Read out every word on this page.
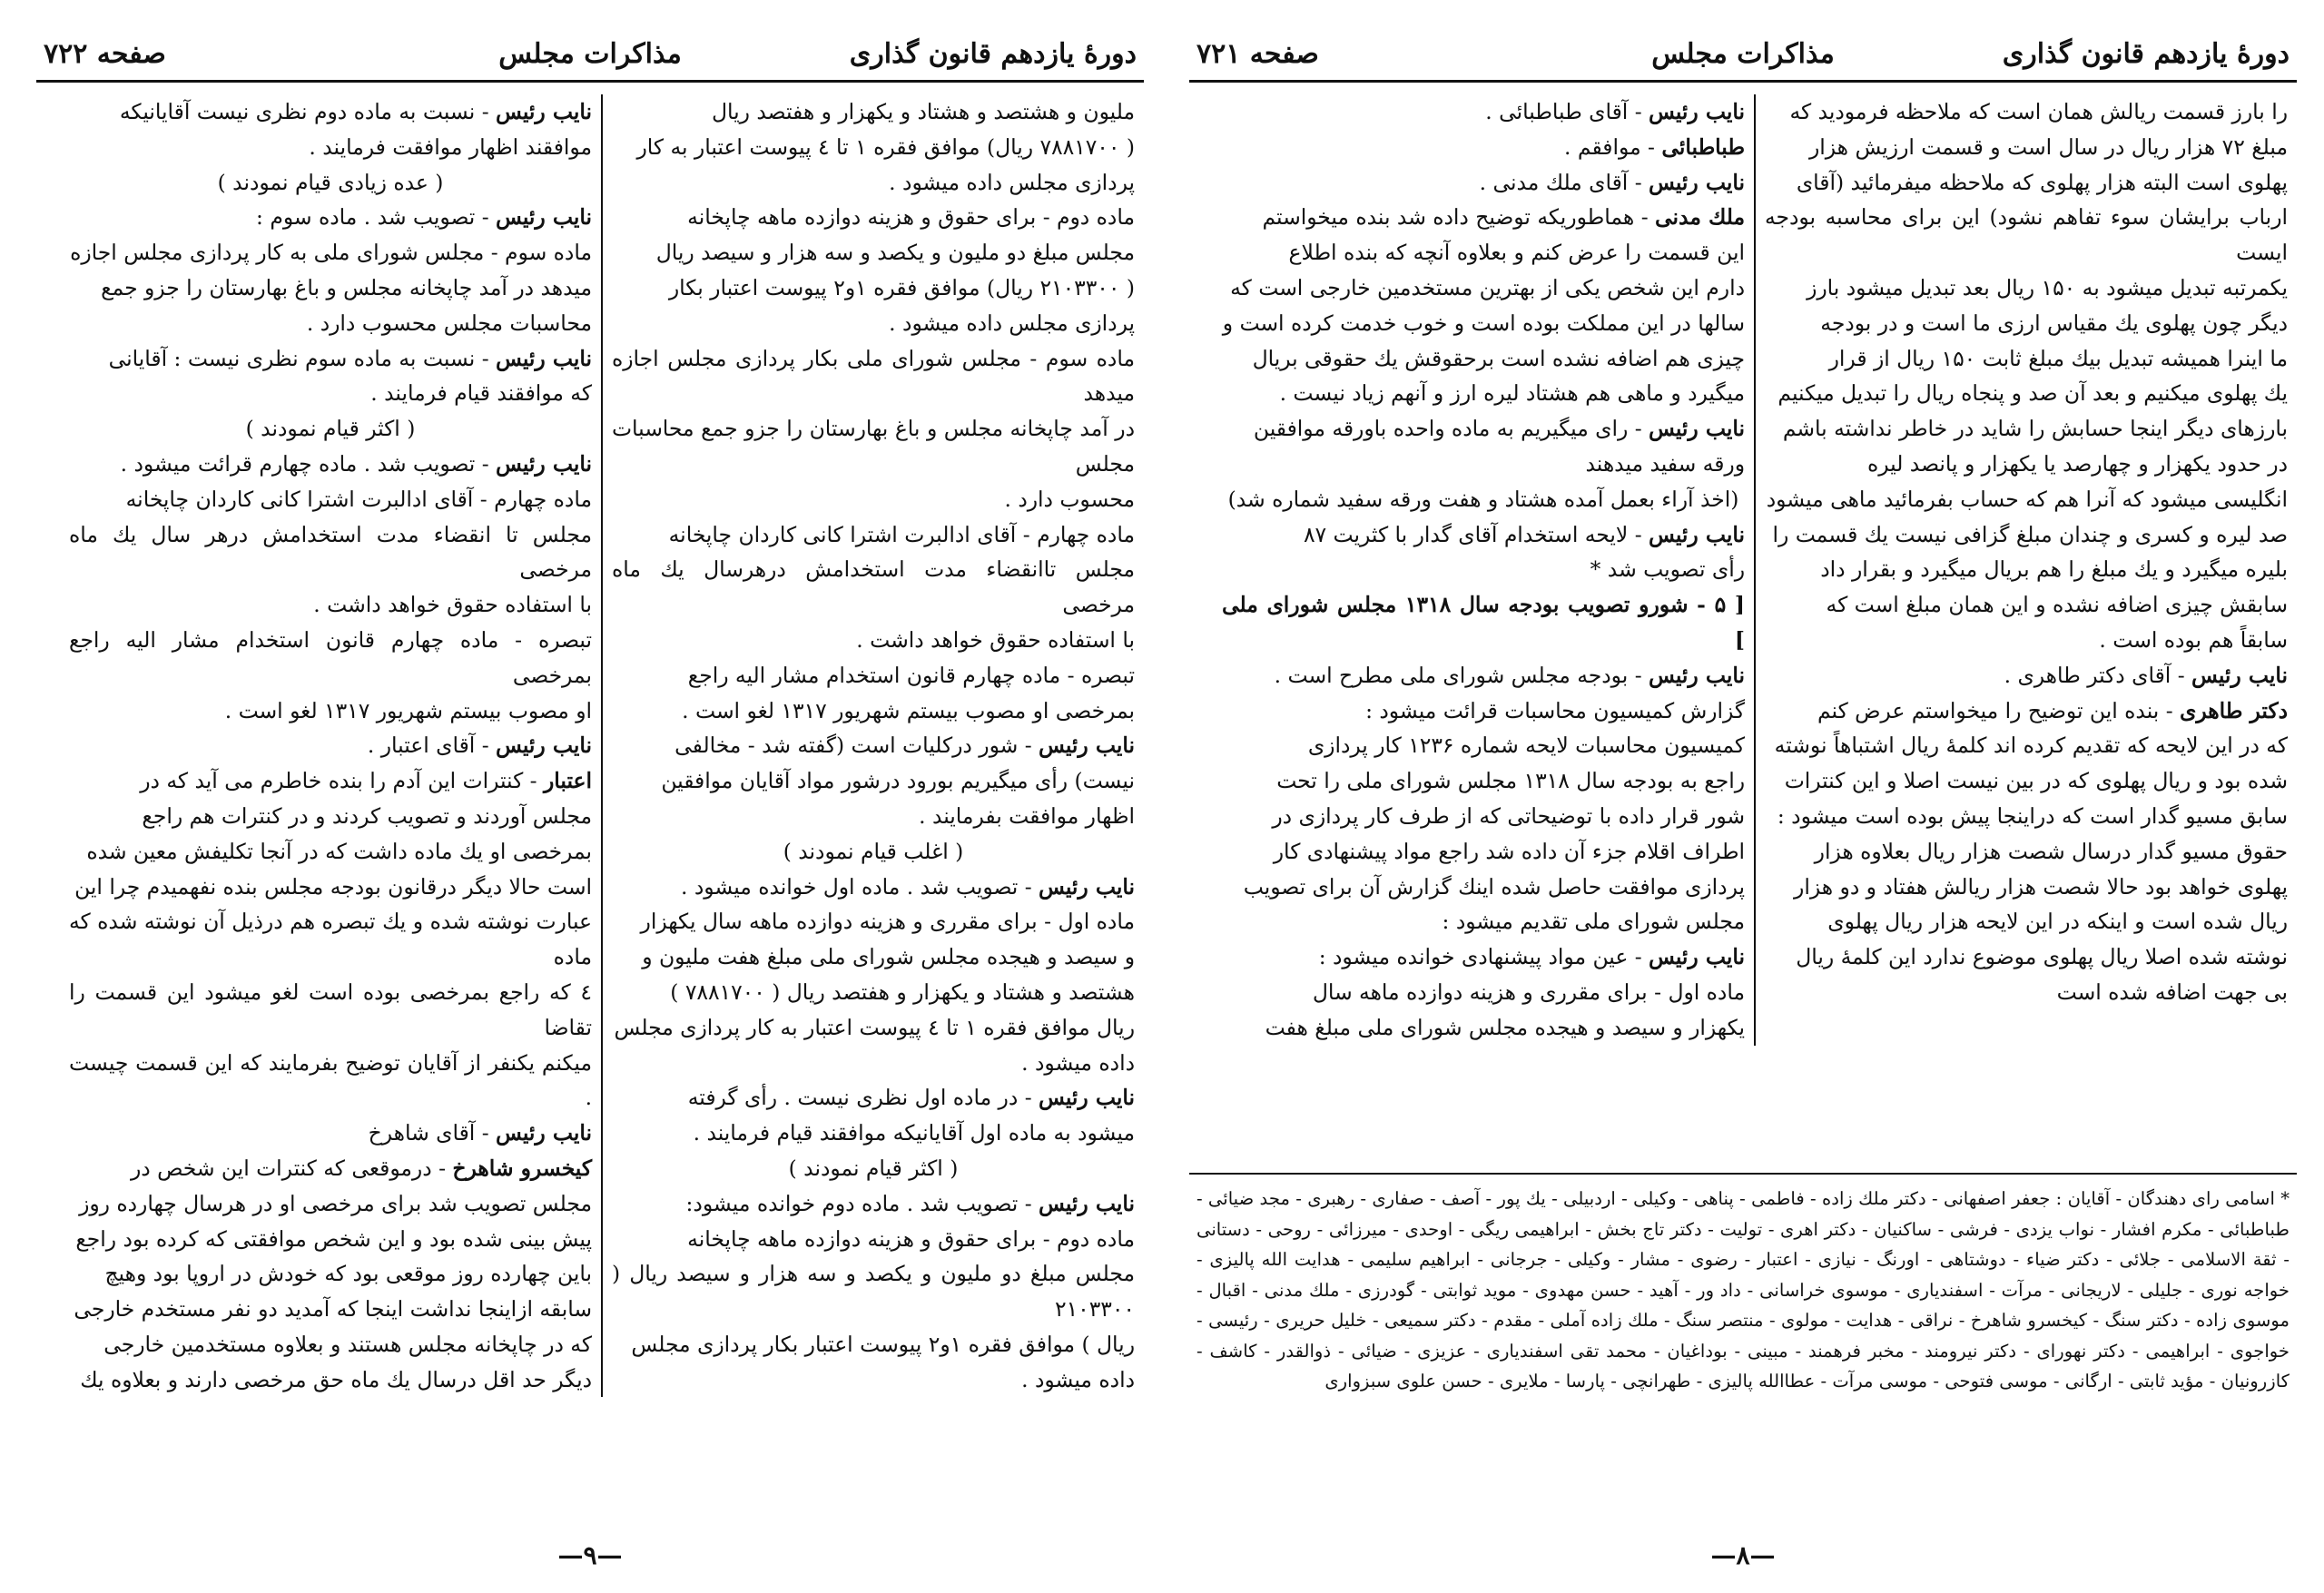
دورهٔ یازدهم قانون گذاری
مذاکرات مجلس
صفحه ۷۲۲

ملیون و هشتصد و هشتاد و یکهزار و هفتصد ریال

( ۷۸۸۱۷۰۰ ریال) موافق فقره ۱ تا ٤ پیوست اعتبار به کار

پردازی مجلس داده میشود .

ماده دوم - برای حقوق و هزینه دوازده ماهه چاپخانه

مجلس مبلغ دو ملیون و یکصد و سه هزار و سیصد ریال

( ۲۱۰۳۳۰۰ ریال) موافق فقره ۱و۲ پیوست اعتبار بکار

پردازی مجلس داده میشود .

ماده سوم - مجلس شورای ملی بکار پردازی مجلس اجازه میدهد

در آمد چاپخانه مجلس و باغ بهارستان را جزو جمع محاسبات مجلس

محسوب دارد .

ماده چهارم - آقای ادالبرت اشترا کانی کاردان چاپخانه

مجلس تاانقضاء مدت استخدامش درهرسال یك ماه مرخصی

با استفاده حقوق خواهد داشت .

تبصره - ماده چهارم قانون استخدام مشار الیه راجع

بمرخصی او مصوب بیستم شهریور ۱۳۱۷ لغو است .

نایب رئیس - شور درکلیات است (گفته شد - مخالفی

نیست) رأی میگیریم بورود درشور مواد آقایان موافقین

اظهار موافقت بفرمایند .

( اغلب قیام نمودند )

نایب رئیس - تصویب شد . ماده اول خوانده میشود .

ماده اول - برای مقرری و هزینه دوازده ماهه سال یکهزار

و سیصد و هیجده مجلس شورای ملی مبلغ هفت ملیون و

هشتصد و هشتاد و یکهزار و هفتصد ریال ( ۷۸۸۱۷۰۰ )

ریال موافق فقره ۱ تا ٤ پیوست اعتبار به کار پردازی مجلس

داده میشود .

نایب رئیس - در ماده اول نظری نیست . رأی گرفته

میشود به ماده اول آقایانیکه موافقند قیام فرمایند .

( اکثر قیام نمودند )

نایب رئیس - تصویب شد . ماده دوم خوانده میشود:

ماده دوم - برای حقوق و هزینه دوازده ماهه چاپخانه

مجلس مبلغ دو ملیون و یکصد و سه هزار و سیصد ریال ( ۲۱۰۳۳۰۰

ریال ) موافق فقره ۱و۲ پیوست اعتبار بکار پردازی مجلس

داده میشود .

نایب رئیس - نسبت به ماده دوم نظری نیست آقایانیکه

موافقند اظهار موافقت فرمایند .

( عده زیادی قیام نمودند )

نایب رئیس - تصویب شد . ماده سوم :

ماده سوم - مجلس شورای ملی به کار پردازی مجلس اجازه

میدهد در آمد چاپخانه مجلس و باغ بهارستان را جزو جمع

محاسبات مجلس محسوب دارد .

نایب رئیس - نسبت به ماده سوم نظری نیست : آقایانی

که موافقند قیام فرمایند .

( اکثر قیام نمودند )

نایب رئیس - تصویب شد . ماده چهارم قرائت میشود .

ماده چهارم - آقای ادالبرت اشترا کانی کاردان چاپخانه

مجلس تا انقضاء مدت استخدامش درهر سال یك ماه مرخصی

با استفاده حقوق خواهد داشت .

تبصره - ماده چهارم قانون استخدام مشار الیه راجع بمرخصی

او مصوب بیستم شهریور ۱۳۱۷ لغو است .

نایب رئیس - آقای اعتبار .

اعتبار - کنترات این آدم را بنده خاطرم می آید که در

مجلس آوردند و تصویب کردند و در کنترات هم راجع

بمرخصی او یك ماده داشت که در آنجا تکلیفش معین شده

است حالا دیگر درقانون بودجه مجلس بنده نفهمیدم چرا این

عبارت نوشته شده و یك تبصره هم درذیل آن نوشته شده که ماده

٤ که راجع بمرخصی بوده است لغو میشود این قسمت را تقاضا

میکنم یکنفر از آقایان توضیح بفرمایند که این قسمت چیست .

نایب رئیس - آقای شاهرخ

کیخسرو شاهرخ - درموقعی که کنترات این شخص در

مجلس تصویب شد برای مرخصی او در هرسال چهارده روز

پیش بینی شده بود و این شخص موافقتی که کرده بود راجع

باین چهارده روز موقعی بود که خودش در اروپا بود وهیچ

سابقه ازاینجا نداشت اینجا که آمدید دو نفر مستخدم خارجی

که در چاپخانه مجلس هستند و بعلاوه مستخدمین خارجی

دیگر حد اقل درسال یك ماه حق مرخصی دارند و بعلاوه یك

—۹—
دورهٔ یازدهم قانون گذاری
مذاکرات مجلس
صفحه ۷۲۱

را بارز قسمت ریالش همان است که ملاحظه فرمودید که

مبلغ ۷۲ هزار ریال در سال است و قسمت ارزیش هزار

پهلوی است البته هزار پهلوی که ملاحظه میفرمائید (آقای

ارباب برایشان سوء تفاهم نشود) این برای محاسبه بودجه ایست

یکمرتبه تبدیل میشود به ۱۵۰ ریال بعد تبدیل میشود بارز

دیگر چون پهلوی یك مقیاس ارزی ما است و در بودجه

ما اینرا همیشه تبدیل بیك مبلغ ثابت ۱۵۰ ریال از قرار

یك پهلوی میکنیم و بعد آن صد و پنجاه ریال را تبدیل میکنیم

بارزهای دیگر اینجا حسابش را شاید در خاطر نداشته باشم

در حدود یکهزار و چهارصد یا یکهزار و پانصد لیره

انگلیسی میشود که آنرا هم که حساب بفرمائید ماهی میشود

صد لیره و کسری و چندان مبلغ گزافی نیست یك قسمت را

بلیره میگیرد و یك مبلغ را هم بریال میگیرد و بقرار داد

سابقش چیزی اضافه نشده و این همان مبلغ است که

سابقاً هم بوده است .

نایب رئیس - آقای دکتر طاهری .

دکتر طاهری - بنده این توضیح را میخواستم عرض کنم

که در این لایحه که تقدیم کرده اند کلمهٔ ریال اشتباهاً نوشته

شده بود و ریال پهلوی که در بین نیست اصلا و این کنترات

سابق مسیو گدار است که دراینجا پیش بوده است میشود :

حقوق مسیو گدار درسال شصت هزار ریال بعلاوه هزار

پهلوی خواهد بود حالا شصت هزار ریالش هفتاد و دو هزار

ریال شده است و اینکه در این لایحه هزار ریال پهلوی

نوشته شده اصلا ریال پهلوی موضوع ندارد این کلمهٔ ریال

بی جهت اضافه شده است

نایب رئیس - آقای طباطبائی .

طباطبائی - موافقم .

نایب رئیس - آقای ملك مدنی .

ملك مدنی - هماطوریکه توضیح داده شد بنده میخواستم

این قسمت را عرض کنم و بعلاوه آنچه که بنده اطلاع

دارم این شخص یکی از بهترین مستخدمین خارجی است که

سالها در این مملکت بوده است و خوب خدمت کرده است و

چیزی هم اضافه نشده است برحقوقش یك حقوقی بریال

میگیرد و ماهی هم هشتاد لیره ارز و آنهم زیاد نیست .

نایب رئیس - رای میگیریم به ماده واحده باورقه موافقین

ورقه سفید میدهند

(اخذ آراء بعمل آمده هشتاد و هفت ورقه سفید شماره شد)

نایب رئیس - لایحه استخدام آقای گدار با کثریت ۸۷

رأی تصویب شد *

[ ۵ - شورو تصویب بودجه سال ۱۳۱۸ مجلس شورای ملی ]

نایب رئیس - بودجه مجلس شورای ملی مطرح است .

گزارش کمیسیون محاسبات قرائت میشود :

کمیسیون محاسبات لایحه شماره ۱۲۳۶ کار پردازی

راجع به بودجه سال ۱۳۱۸ مجلس شورای ملی را تحت

شور قرار داده با توضیحاتی که از طرف کار پردازی در

اطراف اقلام جزء آن داده شد راجع مواد پیشنهادی کار

پردازی موافقت حاصل شده اینك گزارش آن برای تصویب

مجلس شورای ملی تقدیم میشود :

نایب رئیس - عین مواد پیشنهادی خوانده میشود :

ماده اول - برای مقرری و هزینه دوازده ماهه سال

یکهزار و سیصد و هیجده مجلس شورای ملی مبلغ هفت

* اسامی رای دهندگان - آقایان : جعفر اصفهانی - دکتر ملك زاده - فاطمی - پناهی - وکیلی - اردبیلی - یك پور - آصف - صفاری - رهبری - مجد ضیائی - طباطبائی - مکرم افشار - نواب یزدی - فرشی - ساکنیان - دکتر اهری - توليت - دکتر تاج بخش - ابراهیمی ریگی - اوحدی - میرزائی - روحی - دستانی - ثقة الاسلامی - جلائی - دکتر ضیاء - دوشتاهی - اورنگ - نیازی - اعتبار - رضوی - مشار - وکیلی - جرجانی - ابراهیم سلیمی - هدایت الله پالیزی - خواجه نوری - جلیلی - لاریجانی - مرآت - اسفندیاری - موسوی خراسانی - داد ور - آهید - حسن مهدوی - موید ثوابتی - گودرزی - ملك مدنی - اقبال - موسوی زاده - دکتر سنگ - کیخسرو شاهرخ - نراقی - هدایت - مولوی - منتصر سنگ - ملك زاده آملی - مقدم - دکتر سمیعی - خلیل حریری - رئیسی - خواجوی - ابراهیمی - دکتر نهورای - دکتر نیرومند - مخبر فرهمند - مبینی - بوداغیان - محمد تقی اسفندیاری - عزیزی - ضیائی - ذوالقدر - کاشف - کازرونیان - مؤید ثابتی - ارگانی - موسی فتوحی - موسی مرآت - عطاالله پالیزی - طهرانچی - پارسا - ملایری - حسن علوی سبزواری
—۸—
